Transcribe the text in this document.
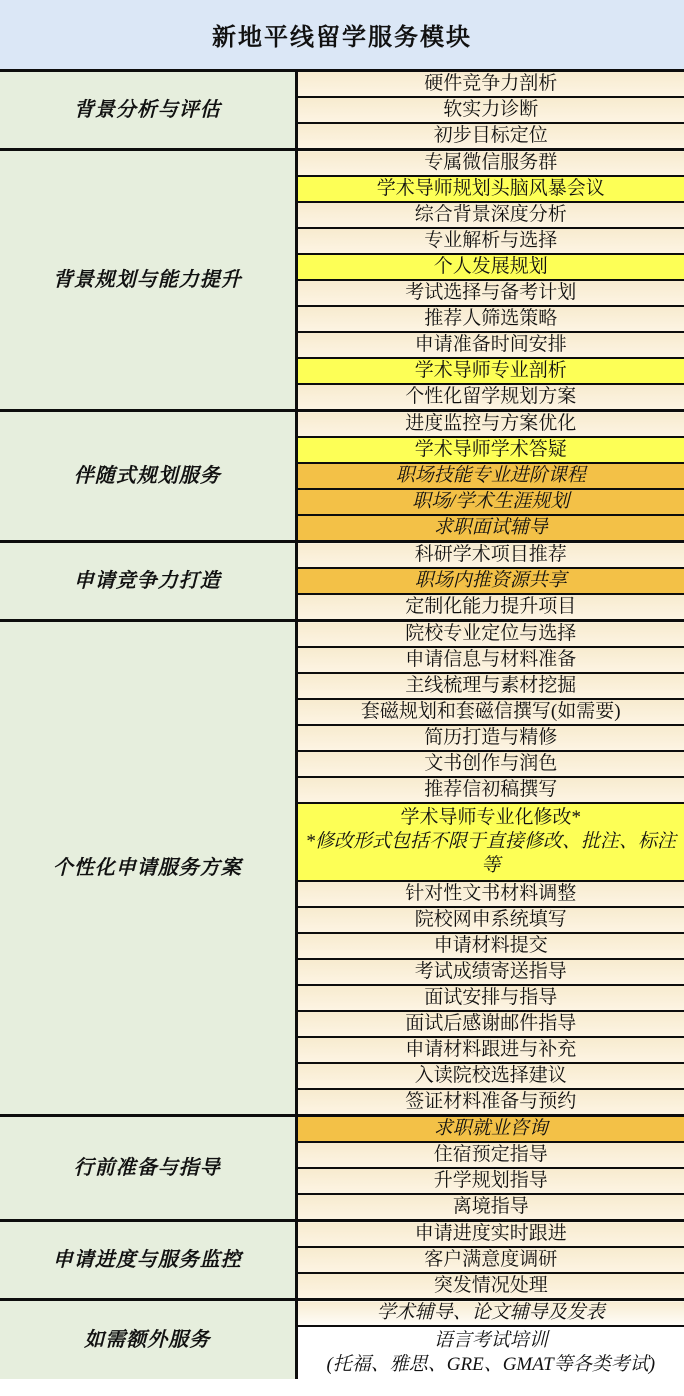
新地平线留学服务模块
背景分析与评估	硬件竞争力剖析
	软实力诊断
	初步目标定位
背景规划与能力提升	专属微信服务群
	学术导师规划头脑风暴会议
	综合背景深度分析
	专业解析与选择
	个人发展规划
	考试选择与备考计划
	推荐人筛选策略
	申请准备时间安排
	学术导师专业剖析
	个性化留学规划方案
伴随式规划服务	进度监控与方案优化
	学术导师学术答疑
	职场技能专业进阶课程
	职场/学术生涯规划
	求职面试辅导
申请竞争力打造	科研学术项目推荐
	职场内推资源共享
	定制化能力提升项目
个性化申请服务方案	院校专业定位与选择
	申请信息与材料准备
	主线梳理与素材挖掘
	套磁规划和套磁信撰写(如需要)
	简历打造与精修
	文书创作与润色
	推荐信初稿撰写

	学术导师专业化修改*
*修改形式包括不限于直接修改、批注、标注等

	针对性文书材料调整
	院校网申系统填写
	申请材料提交
	考试成绩寄送指导
	面试安排与指导
	面试后感谢邮件指导
	申请材料跟进与补充
	入读院校选择建议
	签证材料准备与预约
行前准备与指导	求职就业咨询
	住宿预定指导
	升学规划指导
	离境指导
申请进度与服务监控	申请进度实时跟进
	客户满意度调研
	突发情况处理
如需额外服务	学术辅导、论文辅导及发表

	语言考试培训
(托福、雅思、GRE、GMAT等各类考试)
